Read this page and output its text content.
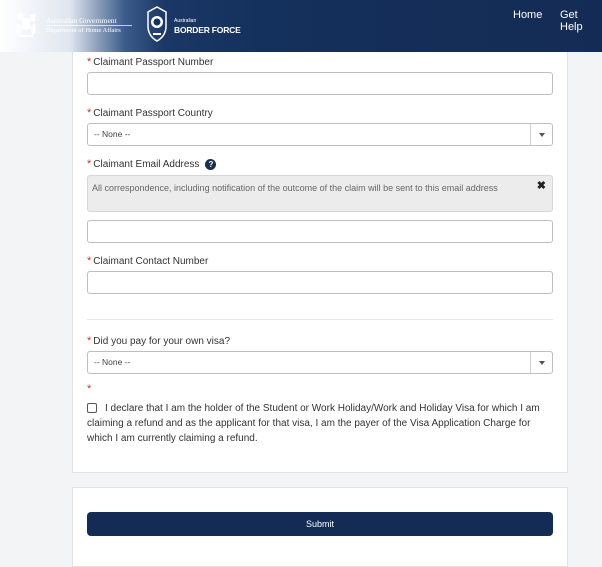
Australian Government
Department of Home Affairs
Australian
BORDER FORCE
Home Get Help
* Claimant Passport Number
* Claimant Passport Country
-- None --
* Claimant Email Address ?
All correspondence, including notification of the outcome of the claim will be sent to this email address	✖
* Claimant Contact Number
* Did you pay for your own visa?
-- None --
*
I declare that I am the holder of the Student or Work Holiday/Work and Holiday Visa for which I am claiming a refund and as the applicant for that visa, I am the payer of the Visa Application Charge for which I am currently claiming a refund.
Submit
